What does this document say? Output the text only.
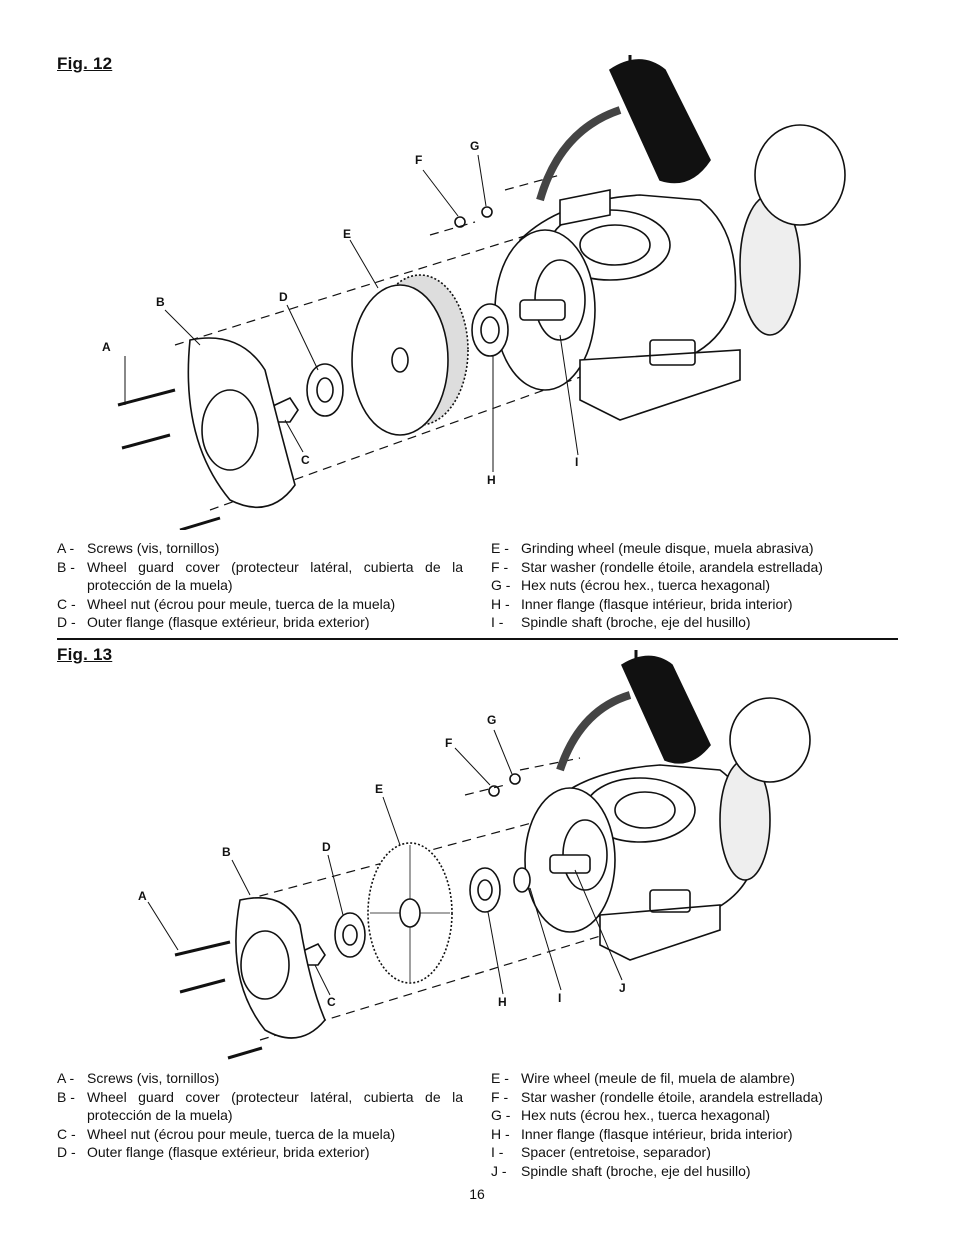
Fig. 12
A
B
C
D
E
F
G
H
I
A - Screws (vis, tornillos)
B - Wheel guard cover (protecteur latéral, cubierta de la protección de la muela)
C - Wheel nut (écrou pour meule, tuerca de la muela)
D - Outer flange (flasque extérieur, brida exterior)
E - Grinding wheel (meule disque, muela abrasiva)
F - Star washer (rondelle étoile, arandela estrellada)
G - Hex nuts (écrou hex., tuerca hexagonal)
H - Inner flange (flasque intérieur, brida interior)
I -	Spindle shaft (broche, eje del husillo)
Fig. 13
A
B
C
D
E
F
G
H	I
J
A - Screws (vis, tornillos)
B - Wheel guard cover (protecteur latéral, cubierta de la protección de la muela)
C - Wheel nut (écrou pour meule, tuerca de la muela)
D - Outer flange (flasque extérieur, brida exterior)
E - Wire wheel (meule de fil, muela de alambre)
F - Star washer (rondelle étoile, arandela estrellada)
G - Hex nuts (écrou hex., tuerca hexagonal)
H - Inner flange (flasque intérieur, brida interior)
I -	Spacer (entretoise, separador)
J -	Spindle shaft (broche, eje del husillo)
16
